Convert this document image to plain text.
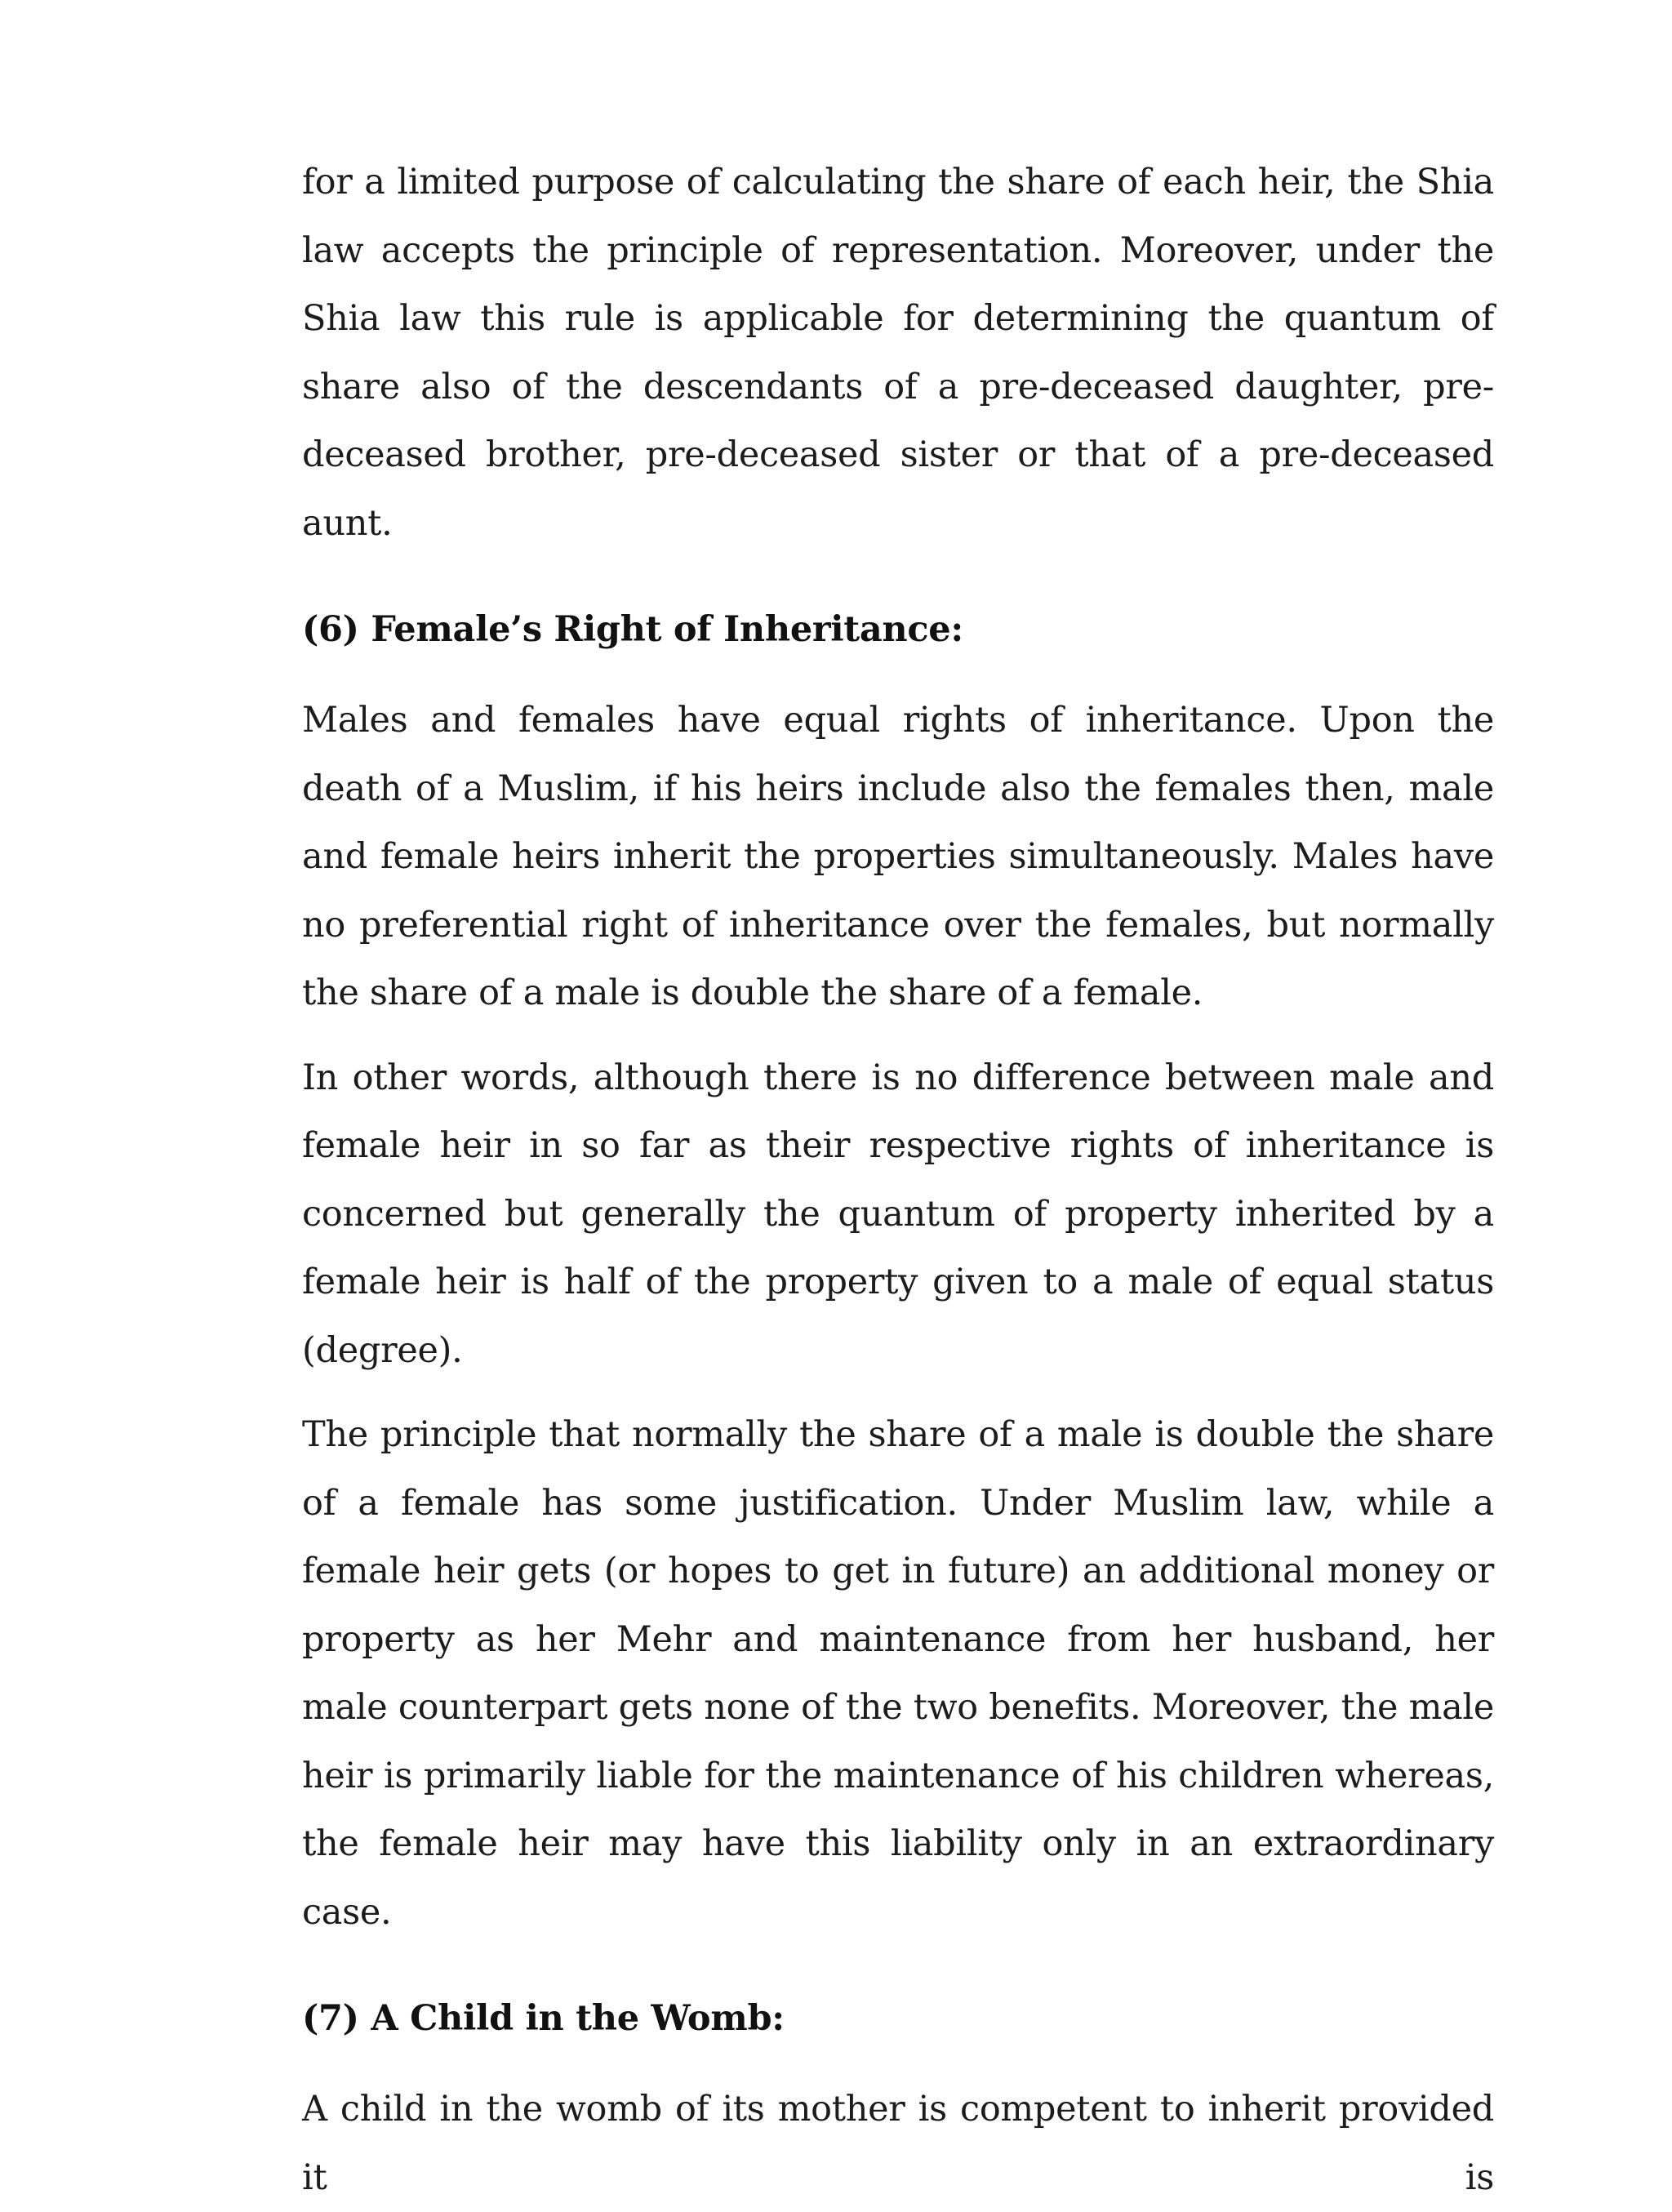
for a limited purpose of calculating the share of each heir, the Shia law accepts the principle of representation. Moreover, under the Shia law this rule is applicable for determining the quantum of share also of the descendants of a pre-deceased daughter, pre-deceased brother, pre-deceased sister or that of a pre-deceased aunt.

(6) Female’s Right of Inheritance:

Males and females have equal rights of inheritance. Upon the death of a Muslim, if his heirs include also the females then, male and female heirs inherit the properties simultaneously. Males have no preferential right of inheritance over the females, but normally the share of a male is double the share of a female.

In other words, although there is no difference between male and female heir in so far as their respective rights of inheritance is concerned but generally the quantum of property inherited by a female heir is half of the property given to a male of equal status (degree).

The principle that normally the share of a male is double the share of a female has some justification. Under Muslim law, while a female heir gets (or hopes to get in future) an additional money or property as her Mehr and maintenance from her husband, her male counterpart gets none of the two benefits. Moreover, the male heir is primarily liable for the maintenance of his children whereas, the female heir may have this liability only in an extraordinary case.

(7) A Child in the Womb:

A child in the womb of its mother is competent to inherit provided it is
